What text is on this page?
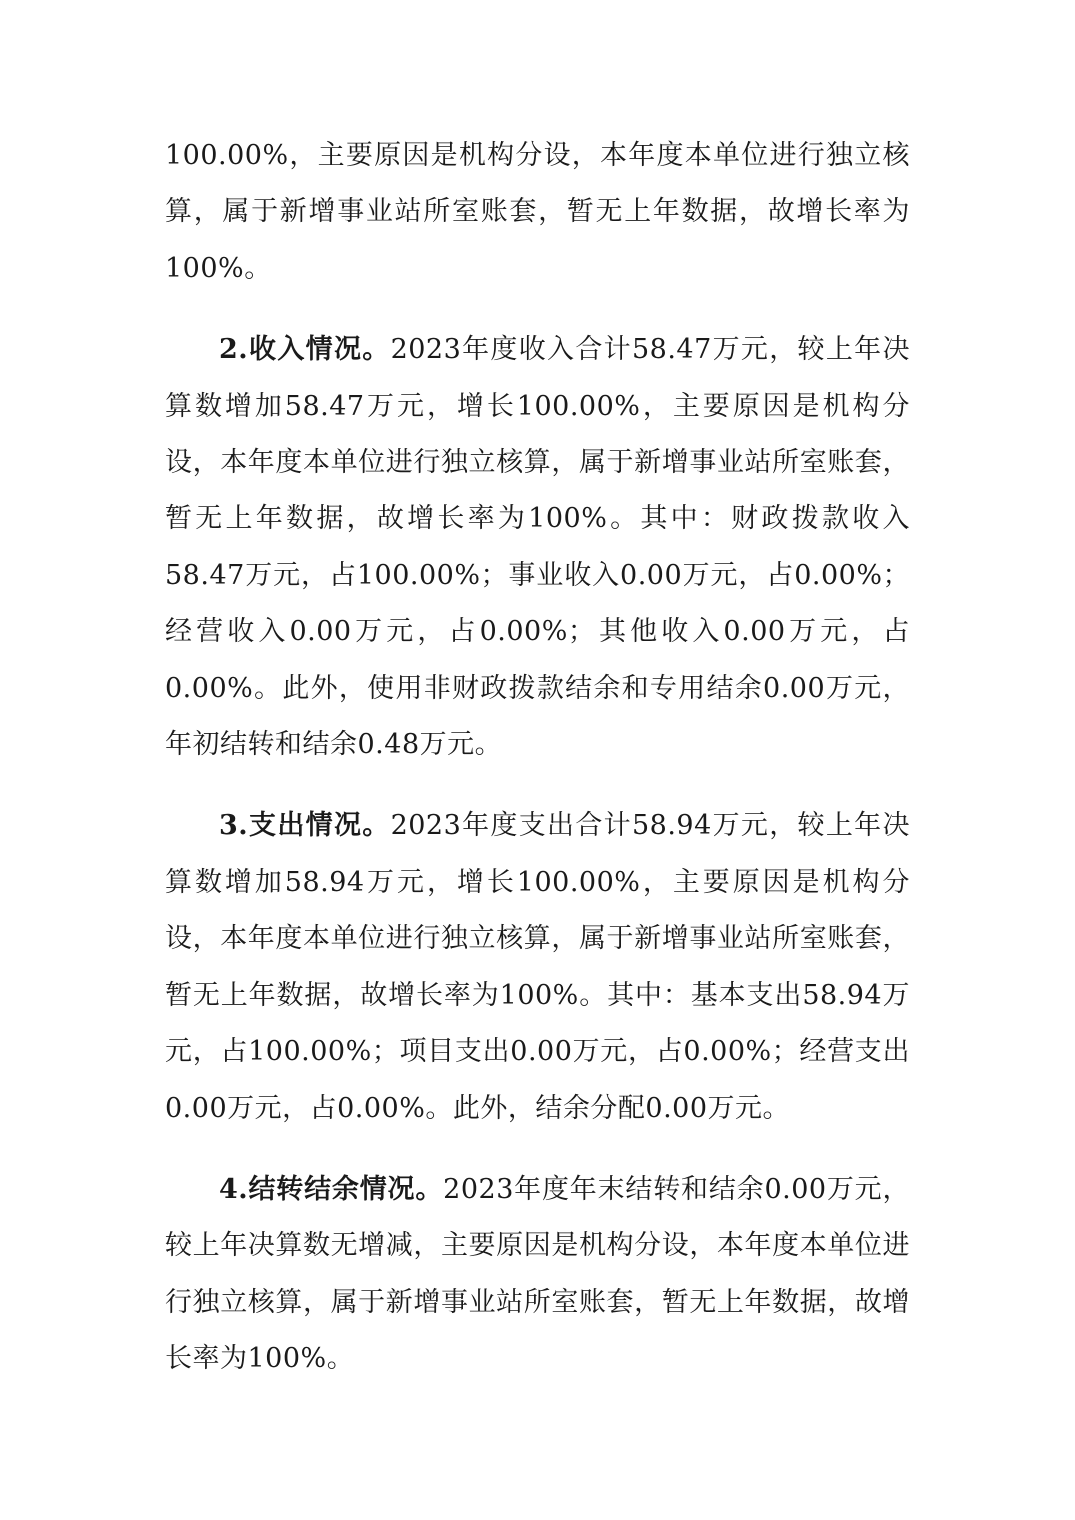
100.00%，主要原因是机构分设，本年度本单位进行独立核算，属于新增事业站所室账套，暂无上年数据，故增长率为100%。

2.收入情况。2023年度收入合计58.47万元，较上年决算数增加58.47万元，增长100.00%，主要原因是机构分设，本年度本单位进行独立核算，属于新增事业站所室账套，暂无上年数据，故增长率为100%。其中：财政拨款收入58.47万元，占100.00%；事业收入0.00万元，占0.00%；经营收入0.00万元，占0.00%；其他收入0.00万元，占0.00%。此外，使用非财政拨款结余和专用结余0.00万元，年初结转和结余0.48万元。

3.支出情况。2023年度支出合计58.94万元，较上年决算数增加58.94万元，增长100.00%，主要原因是机构分设，本年度本单位进行独立核算，属于新增事业站所室账套，暂无上年数据，故增长率为100%。其中：基本支出58.94万元，占100.00%；项目支出0.00万元，占0.00%；经营支出0.00万元，占0.00%。此外，结余分配0.00万元。

4.结转结余情况。2023年度年末结转和结余0.00万元，较上年决算数无增减，主要原因是机构分设，本年度本单位进行独立核算，属于新增事业站所室账套，暂无上年数据，故增长率为100%。
